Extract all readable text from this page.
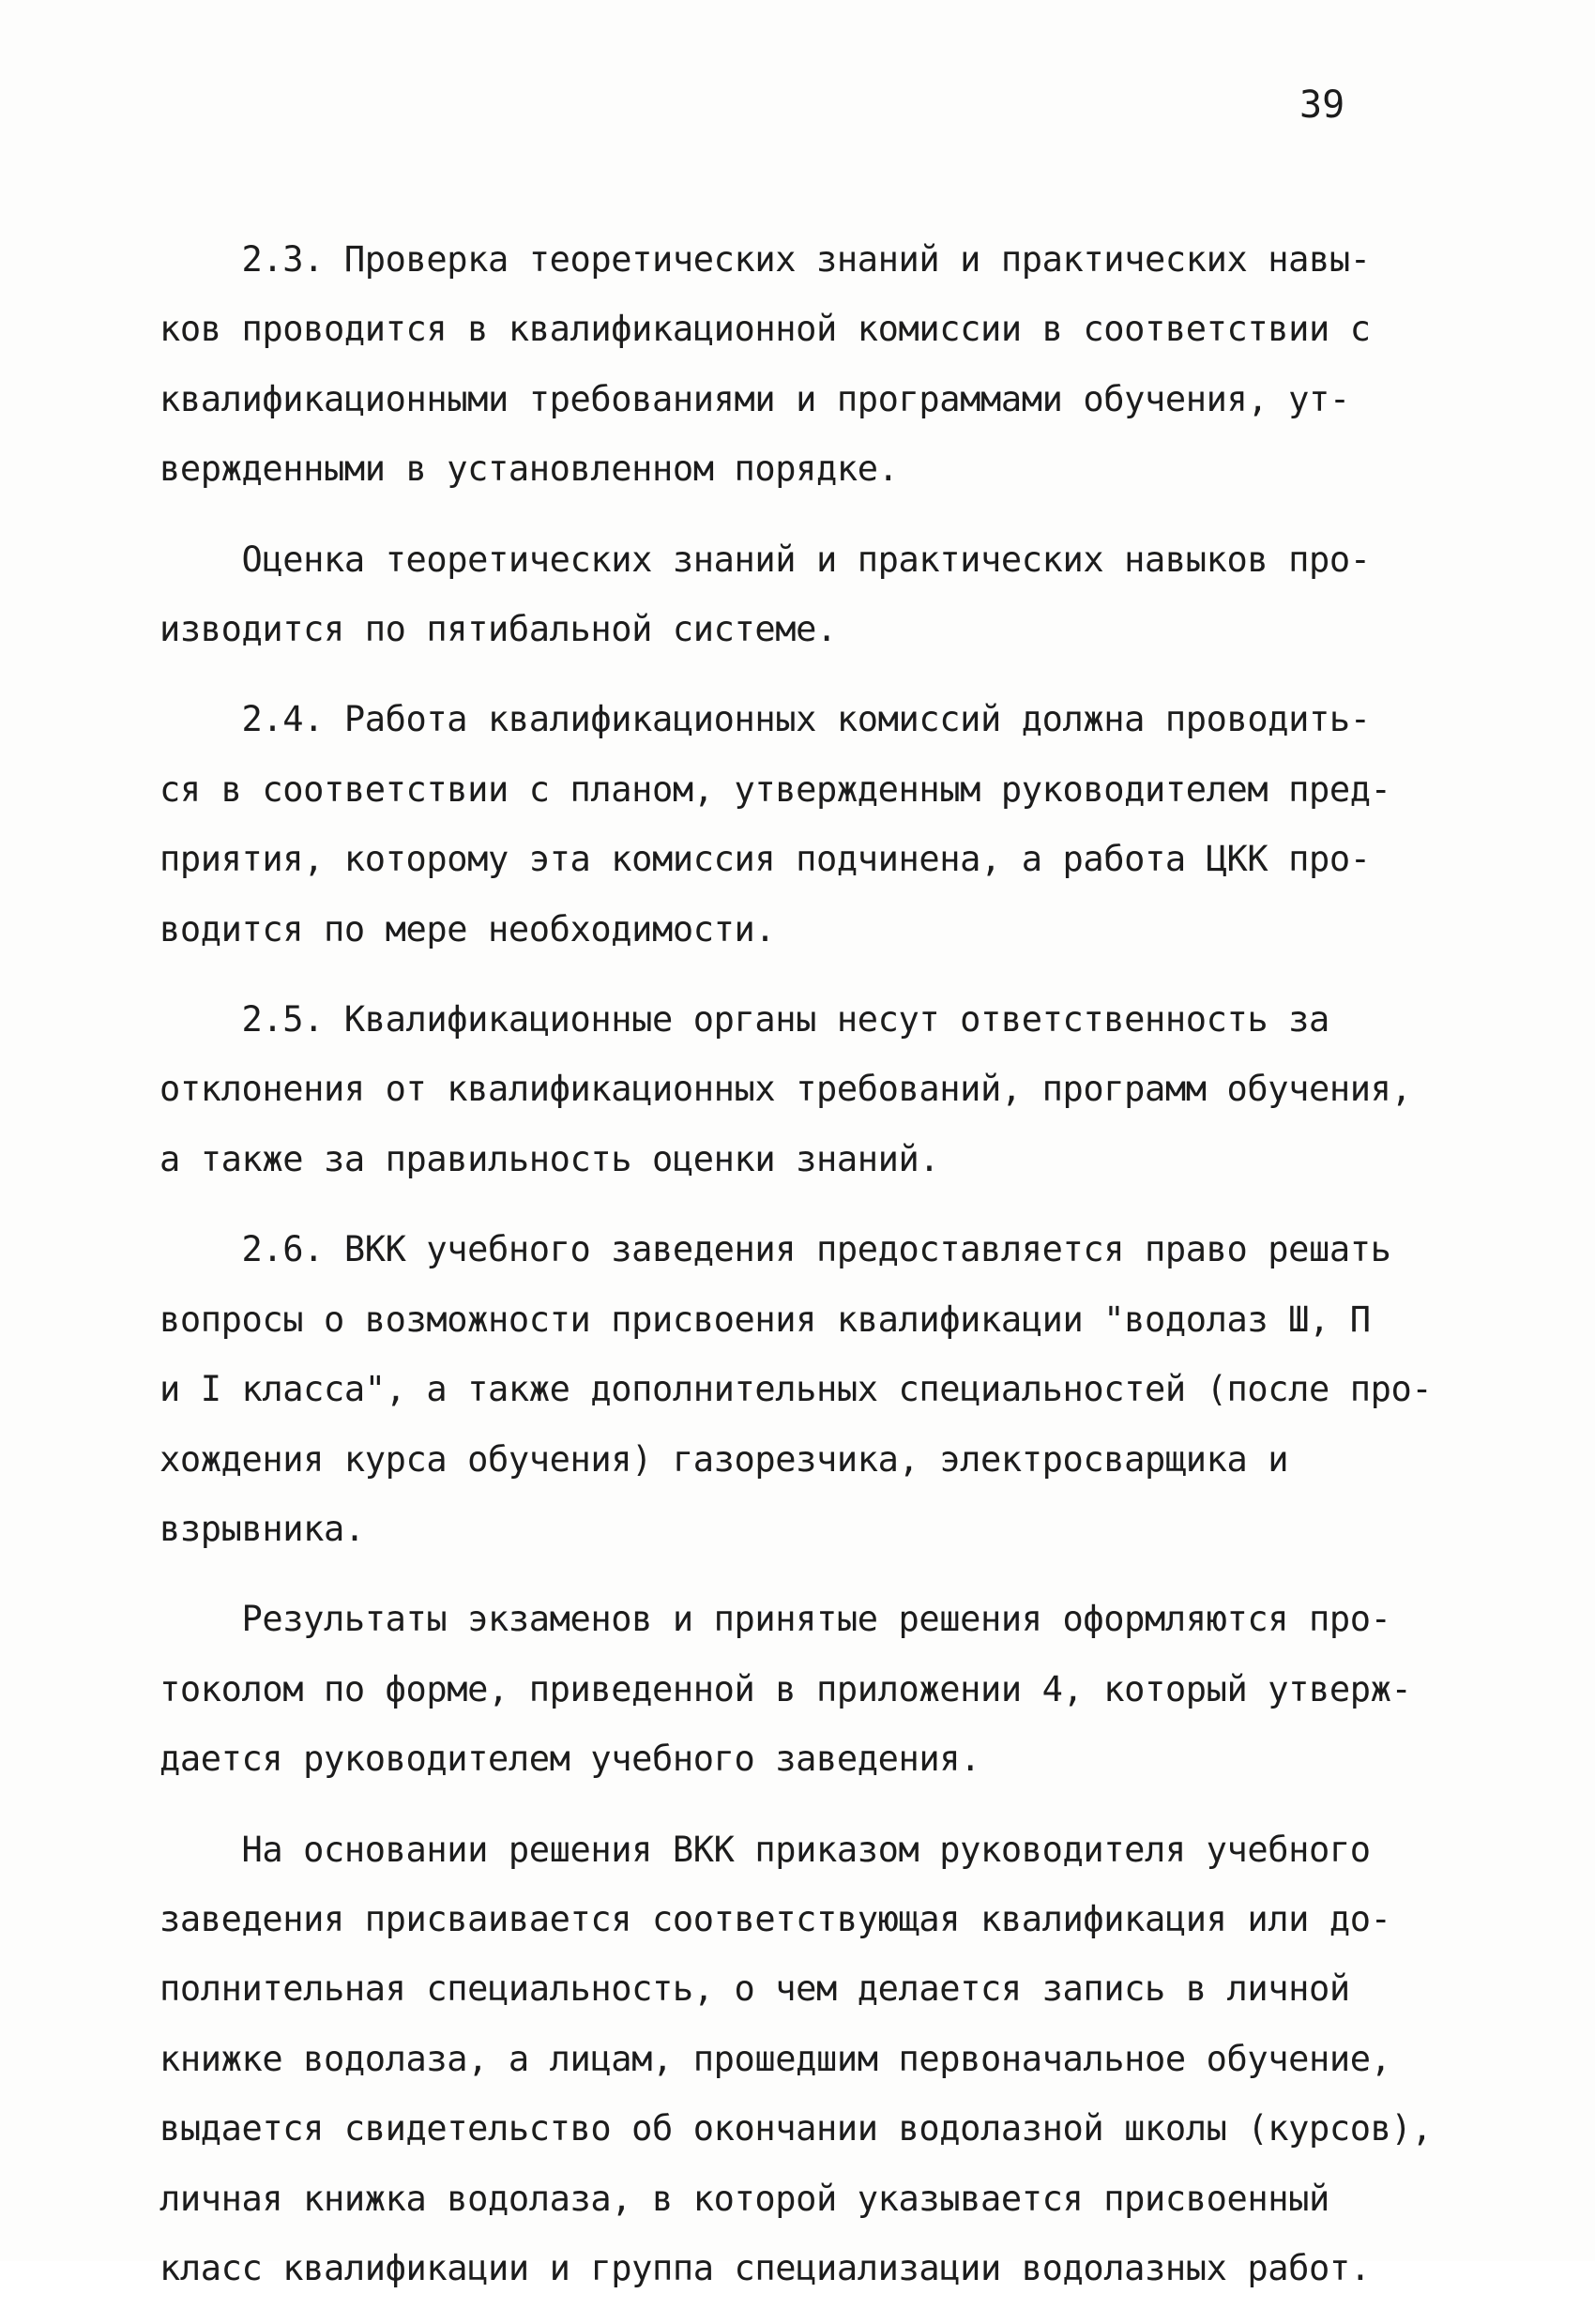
39
2.3. Проверка теоретических знаний и практических навы-
ков проводится в квалификационной комиссии в соответствии с
квалификационными требованиями и программами обучения, ут-
вержденными в установленном порядке.
Оценка теоретических знаний и практических навыков про-
изводится по пятибальной системе.
2.4. Работа квалификационных комиссий должна проводить-
ся в соответствии с планом, утвержденным руководителем пред-
приятия, которому эта комиссия подчинена, а работа ЦКК про-
водится по мере необходимости.
2.5. Квалификационные органы несут ответственность за
отклонения от квалификационных требований, программ обучения,
а также за правильность оценки знаний.
2.6. ВКК учебного заведения предоставляется право решать
вопросы о возможности присвоения квалификации "водолаз Ш, П
и I класса", а также дополнительных специальностей (после про-
хождения курса обучения) газорезчика, электросварщика и
взрывника.
Результаты экзаменов и принятые решения оформляются про-
токолом по форме, приведенной в приложении 4, который утверж-
дается руководителем учебного заведения.
На основании решения ВКК приказом руководителя учебного
заведения присваивается соответствующая квалификация или до-
полнительная специальность, о чем делается запись в личной
книжке водолаза, а лицам, прошедшим первоначальное обучение,
выдается свидетельство об окончании водолазной школы (курсов),
личная книжка водолаза, в которой указывается присвоенный
класс квалификации и группа специализации водолазных работ.
